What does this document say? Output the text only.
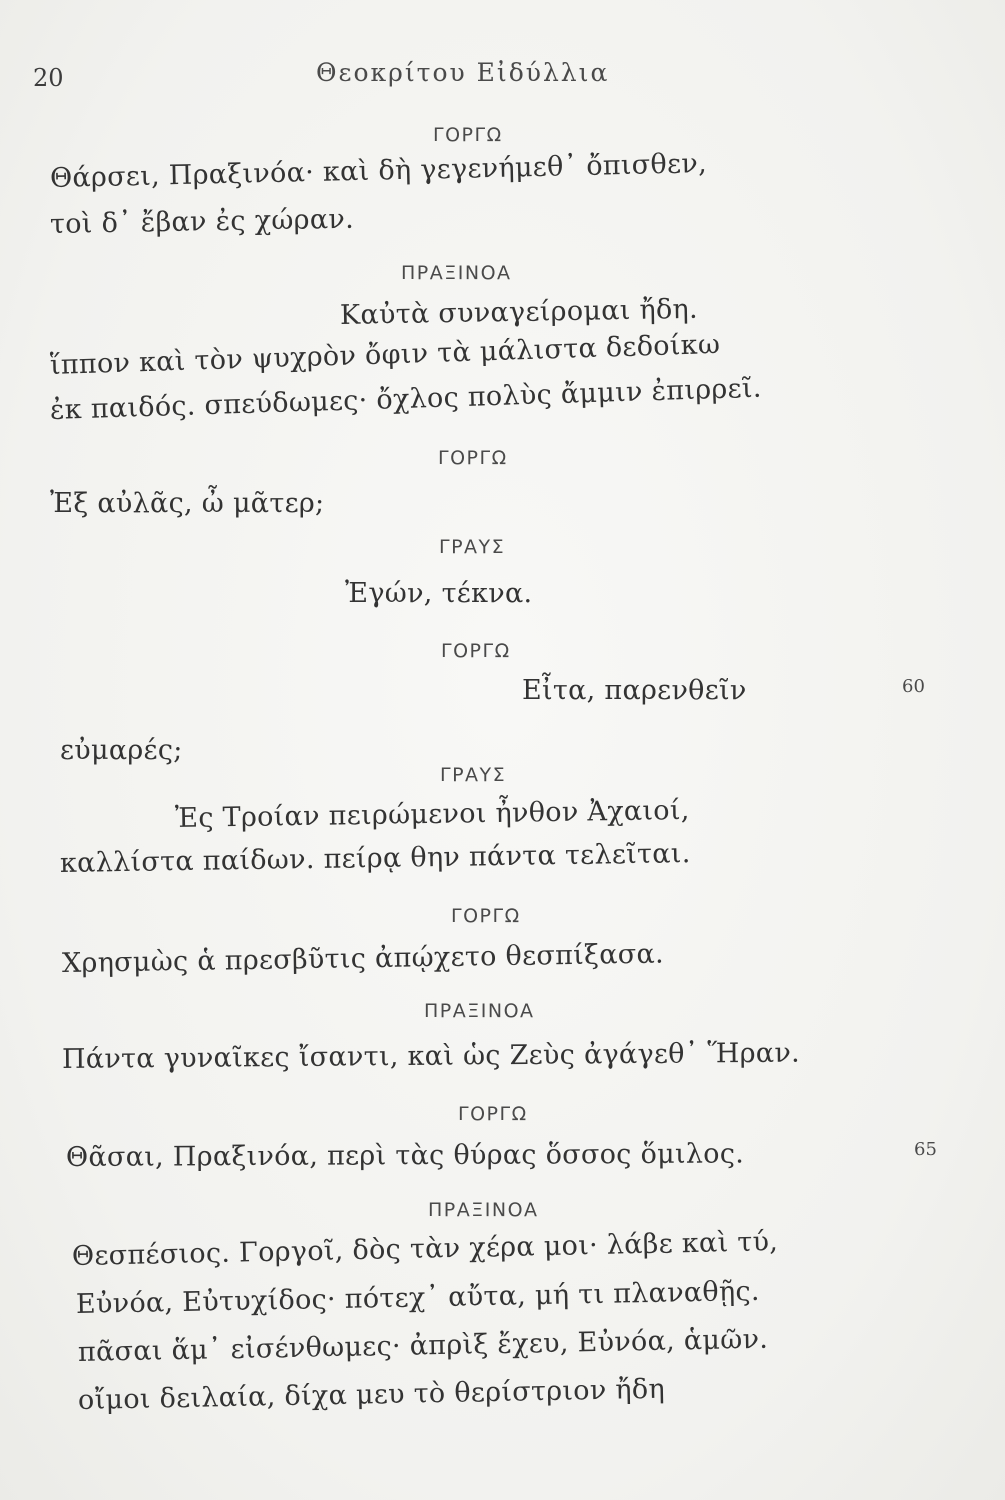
20	Θεοκρίτου Εἰδύλλια
ΓΟΡΓΩ
Θάρσει, Πραξινόα· καὶ δὴ γεγενήμεθ᾽ ὄπισθεν,
τοὶ δ᾽ ἔβαν ἐς χώραν.
ΠΡΑΞΙΝΟΑ
Καὐτὰ συναγείρομαι ἤδη.
ἵππον καὶ τὸν ψυχρὸν ὄφιν τὰ μάλιστα δεδοίκω
ἐκ παιδός. σπεύδωμες· ὄχλος πολὺς ἄμμιν ἐπιρρεῖ.
ΓΟΡΓΩ
Ἐξ αὐλᾶς, ὦ μᾶτερ;
ΓΡΑΥΣ
Ἐγών, τέκνα.
ΓΟΡΓΩ
Εἶτα, παρενθεῖν	60
εὐμαρές;
ΓΡΑΥΣ
Ἐς Τροίαν πειρώμενοι ἦνθον Ἀχαιοί,
καλλίστα παίδων. πείρᾳ θην πάντα τελεῖται.
ΓΟΡΓΩ
Χρησμὼς ἁ πρεσβῦτις ἀπῴχετο θεσπίξασα.
ΠΡΑΞΙΝΟΑ
Πάντα γυναῖκες ἴσαντι, καὶ ὡς Ζεὺς ἀγάγεθ᾽ Ἥραν.
ΓΟΡΓΩ
Θᾶσαι, Πραξινόα, περὶ τὰς θύρας ὅσσος ὅμιλος.	65
ΠΡΑΞΙΝΟΑ
Θεσπέσιος. Γοργοῖ, δὸς τὰν χέρα μοι· λάβε καὶ τύ,
Εὐνόα, Εὐτυχίδος· πότεχ᾽ αὔτα, μή τι πλαναθῇς.
πᾶσαι ἅμ᾽ εἰσένθωμες· ἀπρὶξ ἔχευ, Εὐνόα, ἁμῶν.
οἴμοι δειλαία, δίχα μευ τὸ θερίστριον ἤδη
